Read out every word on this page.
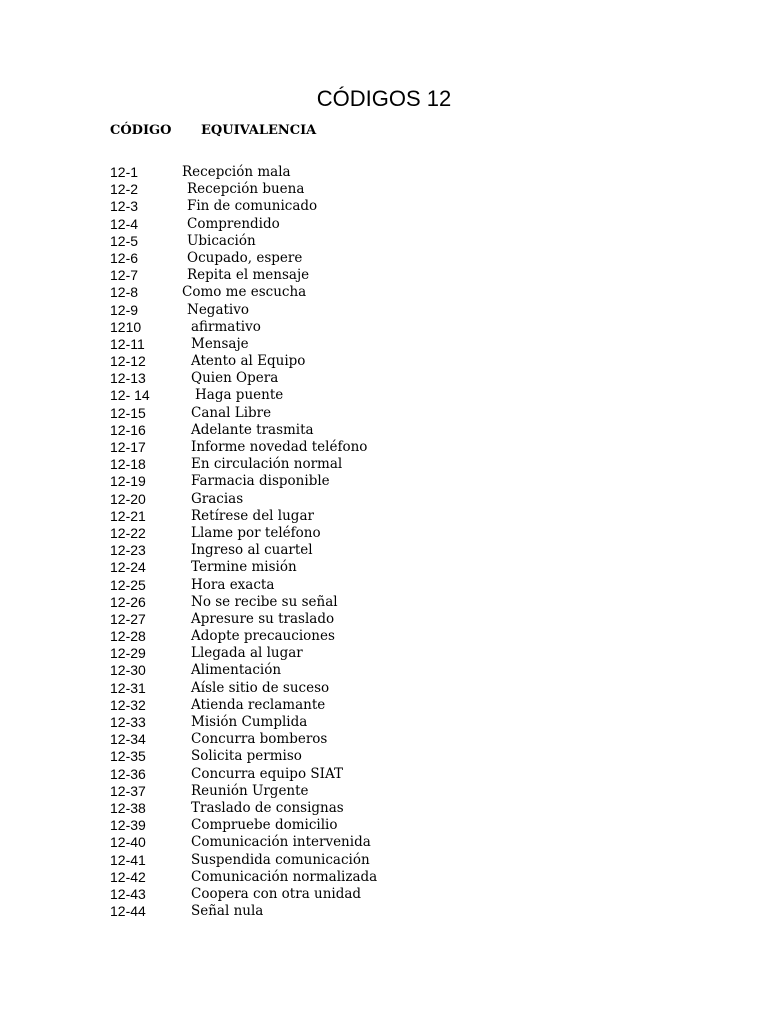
CÓDIGOS 12
CÓDIGO EQUIVALENCIA
12-1	Recepción mala
12-2	Recepción buena
12-3	Fin de comunicado
12-4	Comprendido
12-5	Ubicación
12-6	Ocupado, espere
12-7	Repita el mensaje
12-8	Como me escucha
12-9	Negativo
1210	afirmativo
12-11	Mensaje
12-12	Atento al Equipo
12-13	Quien Opera
12- 14	Haga puente
12-15	Canal Libre
12-16	Adelante trasmita
12-17	Informe novedad teléfono
12-18	En circulación normal
12-19	Farmacia disponible
12-20	Gracias
12-21	Retírese del lugar
12-22	Llame por teléfono
12-23	Ingreso al cuartel
12-24	Termine misión
12-25	Hora exacta
12-26	No se recibe su señal
12-27	Apresure su traslado
12-28	Adopte precauciones
12-29	Llegada al lugar
12-30	Alimentación
12-31	Aísle sitio de suceso
12-32	Atienda reclamante
12-33	Misión Cumplida
12-34	Concurra bomberos
12-35	Solicita permiso
12-36	Concurra equipo SIAT
12-37	Reunión Urgente
12-38	Traslado de consignas
12-39	Compruebe domicilio
12-40	Comunicación intervenida
12-41	Suspendida comunicación
12-42	Comunicación normalizada
12-43	Coopera con otra unidad
12-44	Señal nula
